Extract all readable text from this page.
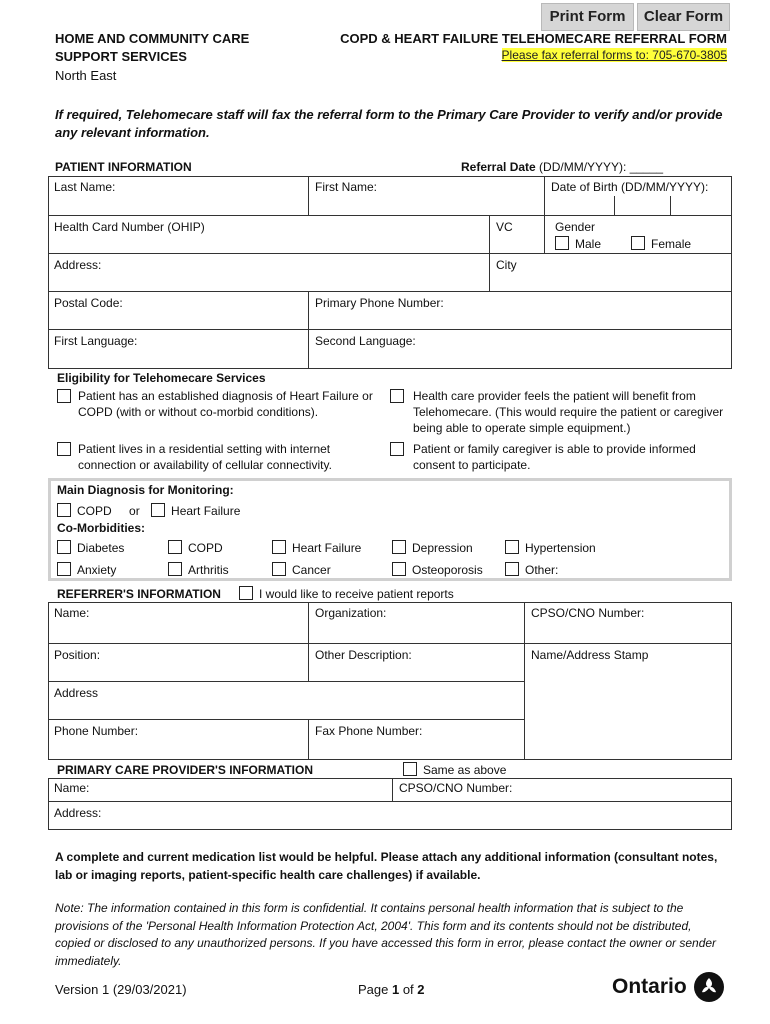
Print Form	Clear Form
HOME AND COMMUNITY CARE
SUPPORT SERVICES
North East
COPD & HEART FAILURE TELEHOMECARE REFERRAL FORM
Please fax referral forms to: 705-670-3805
If required, Telehomecare staff will fax the referral form to the Primary Care Provider to verify and/or provide any relevant information.
PATIENT INFORMATION	Referral Date (DD/MM/YYYY): _____
Last Name:	First Name:	Date of Birth (DD/MM/YYYY):
Health Card Number (OHIP)	VC	Gender
Male	Female
Address:	City
Postal Code:	Primary Phone Number:
First Language:	Second Language:
Eligibility for Telehomecare Services
Patient has an established diagnosis of Heart Failure or COPD (with or without co-morbid conditions).
Health care provider feels the patient will benefit from Telehomecare. (This would require the patient or caregiver being able to operate simple equipment.)
Patient lives in a residential setting with internet connection or availability of cellular connectivity.
Patient or family caregiver is able to provide informed consent to participate.
Main Diagnosis for Monitoring:
COPD or	Heart Failure
Co-Morbidities:
Diabetes	COPD	Heart Failure	Depression	Hypertension
Anxiety	Arthritis	Cancer	Osteoporosis	Other:
REFERRER'S INFORMATION	I would like to receive patient reports
Name:	Organization:	CPSO/CNO Number:
Position:	Other Description:	Name/Address Stamp
Address
Phone Number:	Fax Phone Number:
PRIMARY CARE PROVIDER'S INFORMATION	Same as above
Name:	CPSO/CNO Number:
Address:
A complete and current medication list would be helpful. Please attach any additional information (consultant notes, lab or imaging reports, patient-specific health care challenges) if available.
Note: The information contained in this form is confidential. It contains personal health information that is subject to the provisions of the 'Personal Health Information Protection Act, 2004'. This form and its contents should not be distributed, copied or disclosed to any unauthorized persons. If you have accessed this form in error, please contact the owner or sender immediately.
Version 1 (29/03/2021)	Page 1 of 2	Ontario
